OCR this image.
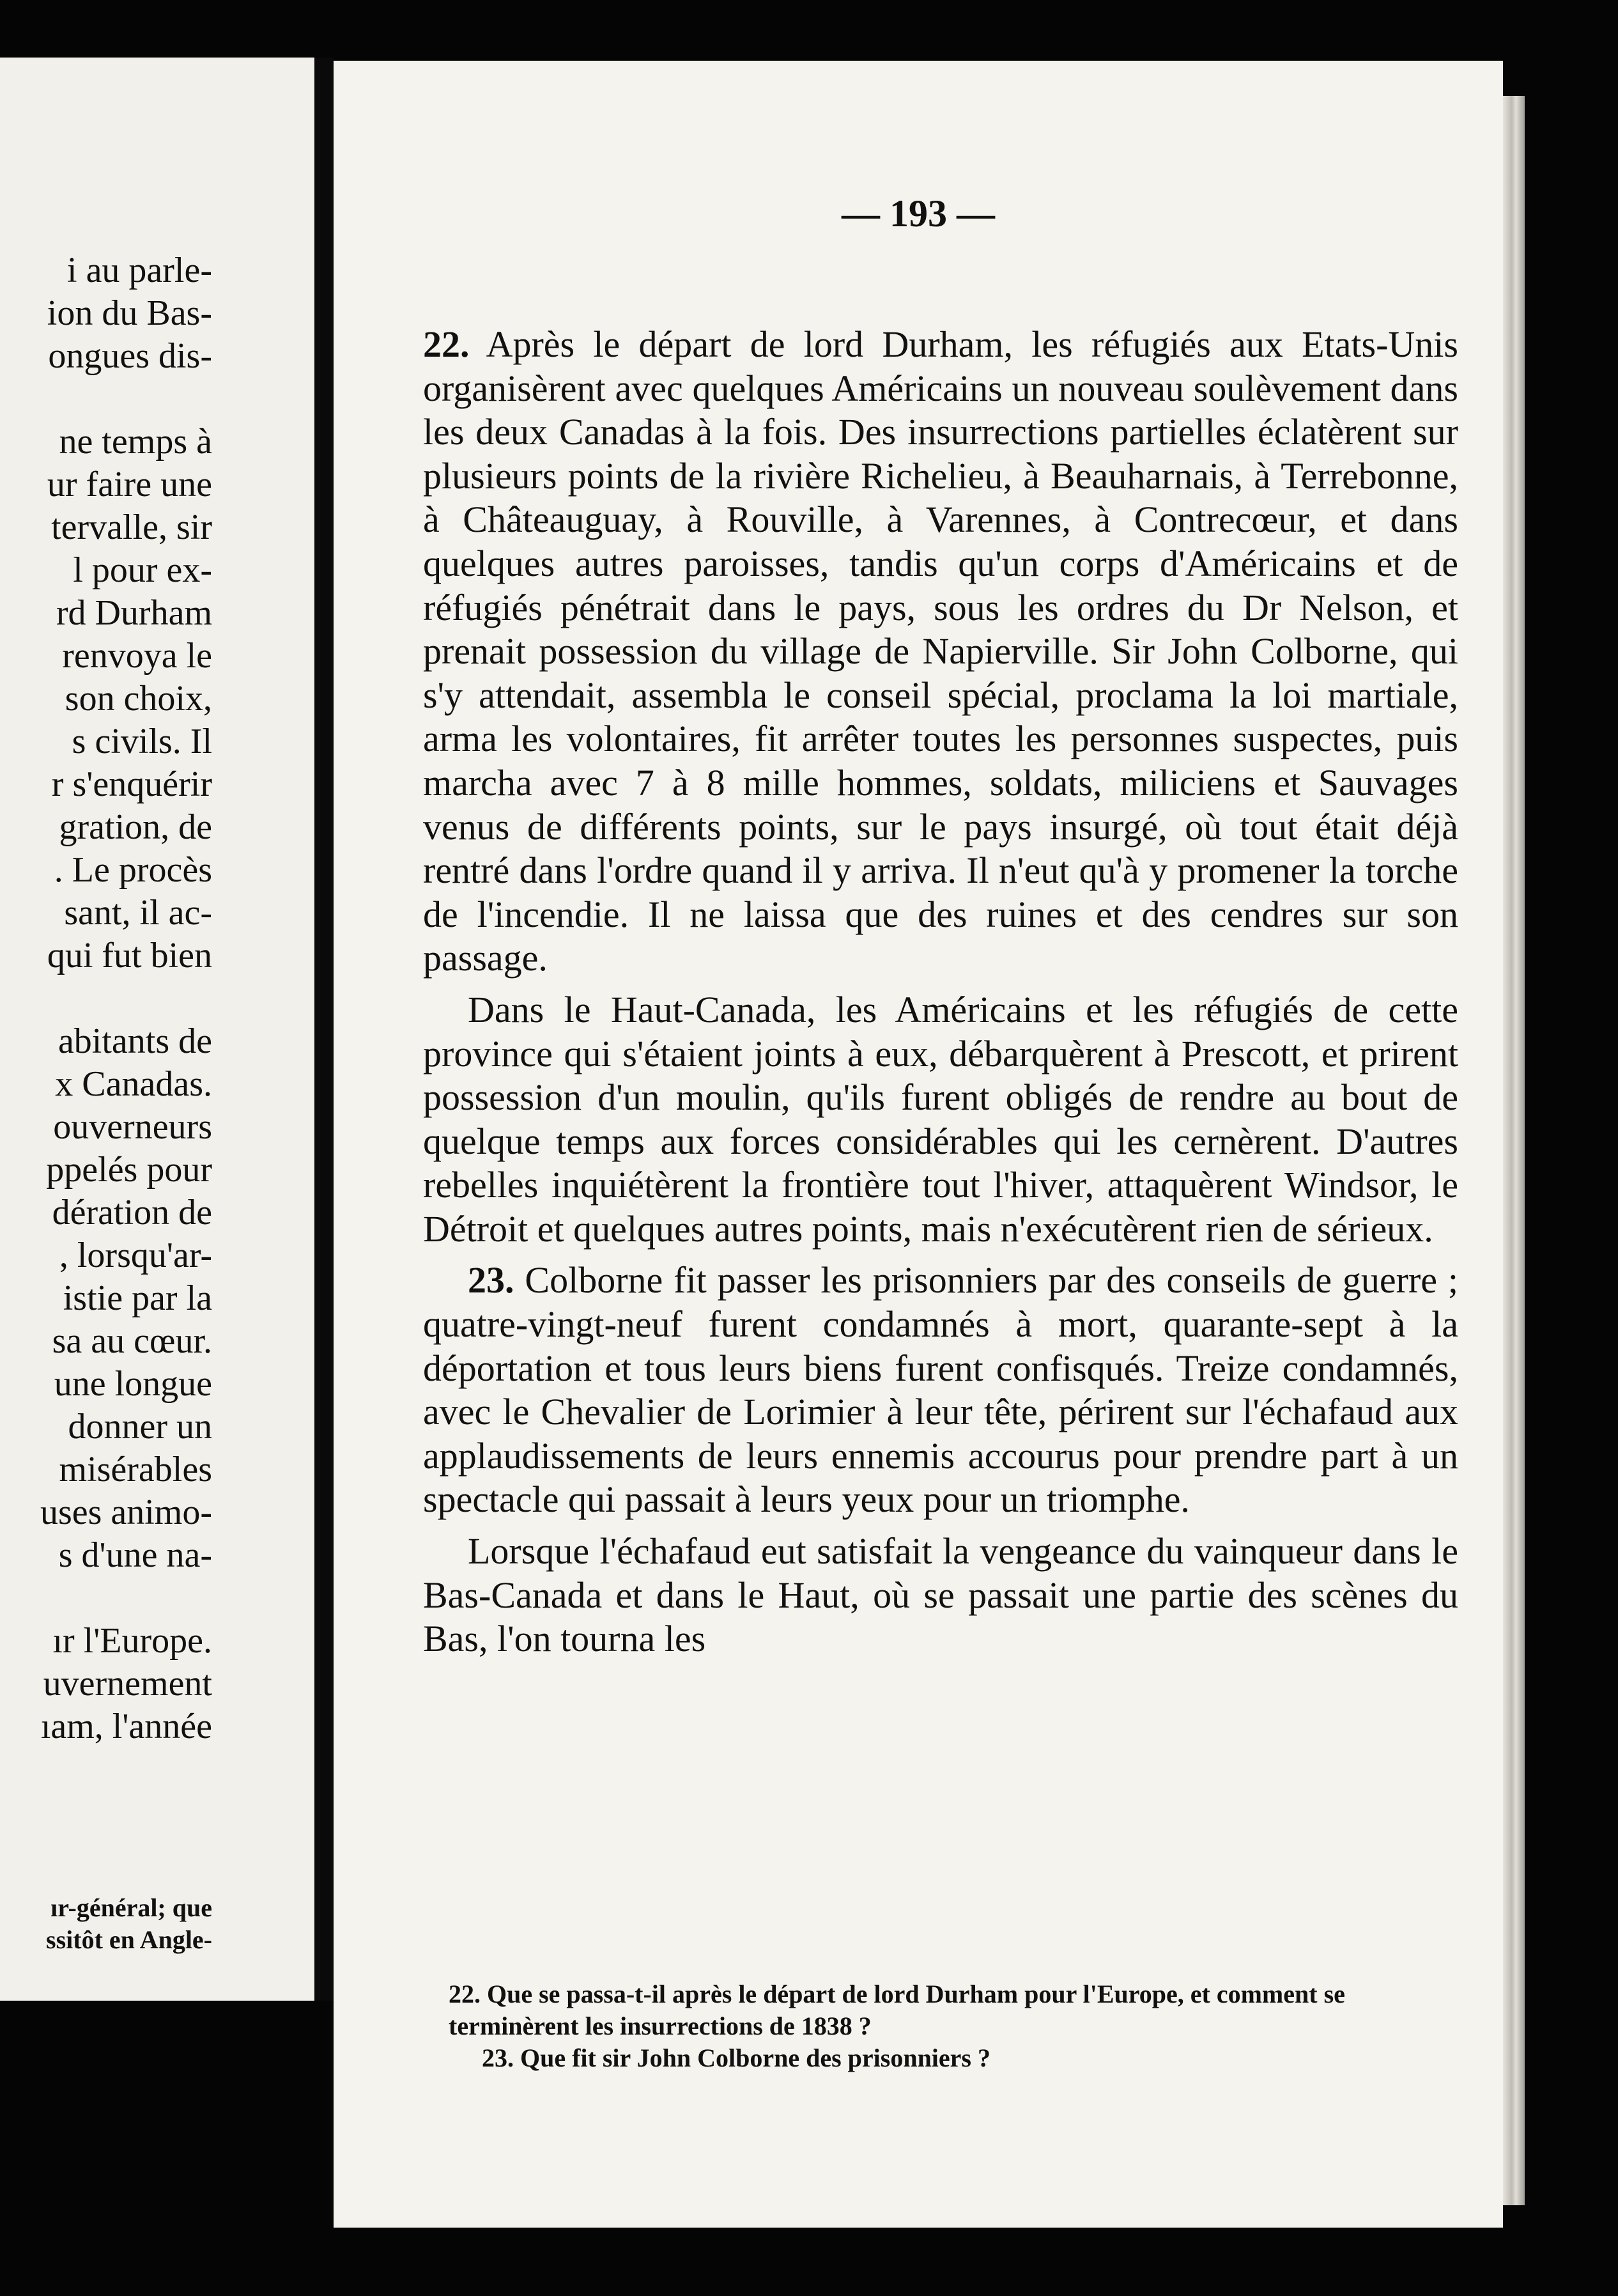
i au parle-
ion du Bas-
ongues dis-
ne temps à
ur faire une
tervalle, sir
l pour ex-
rd Durham
renvoya le
son choix,
s civils. Il
r s'enquérir
gration, de
. Le procès
sant, il ac-
qui fut bien
abitants de
x Canadas.
ouverneurs
ppelés pour
dération de
, lorsqu'ar-
istie par la
sa au cœur.
une longue
donner un
misérables
uses animo-
s d'une na-
ır l'Europe.
uvernement
ıam, l'année
ır-général; que
ssitôt en Angle-
— 193 —

22. Après le départ de lord Durham, les réfugiés aux Etats-Unis organisèrent avec quelques Américains un nouveau soulèvement dans les deux Canadas à la fois. Des insurrections partielles éclatèrent sur plusieurs points de la rivière Richelieu, à Beauharnais, à Terrebonne, à Châteauguay, à Rouville, à Varennes, à Contrecœur, et dans quelques autres paroisses, tandis qu'un corps d'Américains et de réfugiés pénétrait dans le pays, sous les ordres du Dr Nelson, et prenait possession du village de Napierville. Sir John Colborne, qui s'y attendait, assembla le conseil spécial, proclama la loi martiale, arma les volontaires, fit arrêter toutes les personnes suspectes, puis marcha avec 7 à 8 mille hommes, soldats, miliciens et Sauvages venus de différents points, sur le pays insurgé, où tout était déjà rentré dans l'ordre quand il y arriva. Il n'eut qu'à y promener la torche de l'incendie. Il ne laissa que des ruines et des cendres sur son passage.

Dans le Haut-Canada, les Américains et les réfugiés de cette province qui s'étaient joints à eux, débarquèrent à Prescott, et prirent possession d'un moulin, qu'ils furent obligés de rendre au bout de quelque temps aux forces considérables qui les cernèrent. D'autres rebelles inquiétèrent la frontière tout l'hiver, attaquèrent Windsor, le Détroit et quelques autres points, mais n'exécutèrent rien de sérieux.

23. Colborne fit passer les prisonniers par des conseils de guerre ; quatre-vingt-neuf furent condamnés à mort, quarante-sept à la déportation et tous leurs biens furent confisqués. Treize condamnés, avec le Chevalier de Lorimier à leur tête, périrent sur l'échafaud aux applaudissements de leurs ennemis accourus pour prendre part à un spectacle qui passait à leurs yeux pour un triomphe.

Lorsque l'échafaud eut satisfait la vengeance du vainqueur dans le Bas-Canada et dans le Haut, où se passait une partie des scènes du Bas, l'on tourna les

22. Que se passa-t-il après le départ de lord Durham pour l'Europe, et comment se terminèrent les insurrections de 1838 ?
23. Que fit sir John Colborne des prisonniers ?
